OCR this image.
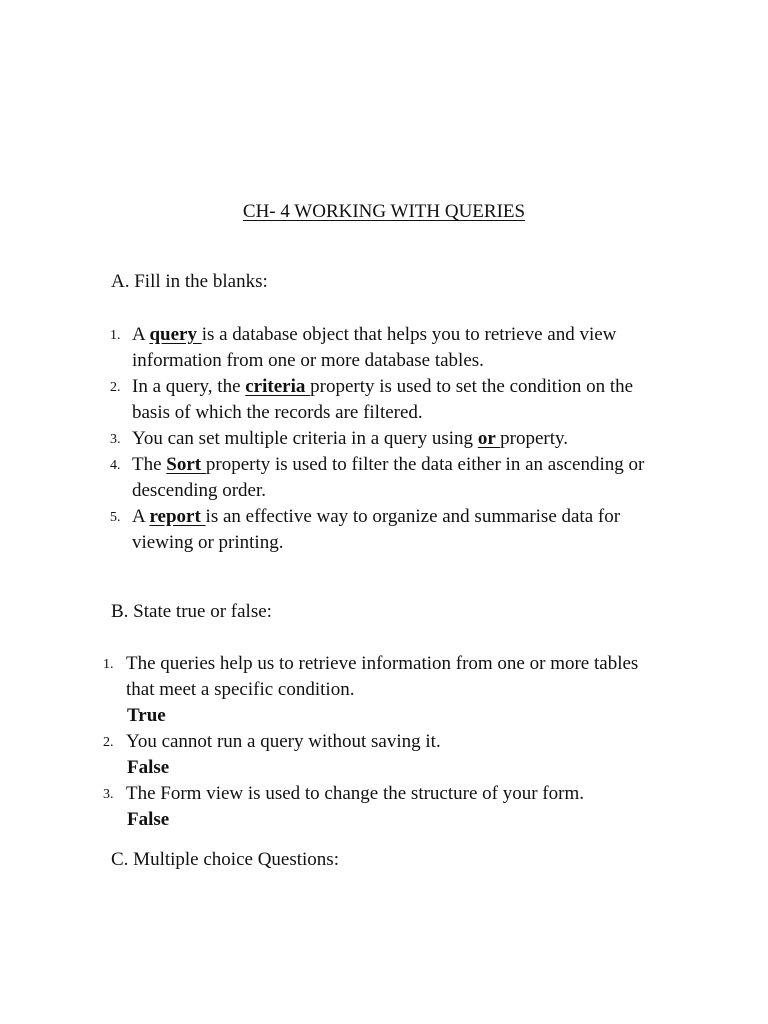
CH- 4 WORKING WITH QUERIES
A. Fill in the blanks:
1. A query is a database object that helps you to retrieve and view
information from one or more database tables.
2. In a query, the criteria property is used to set the condition on the
basis of which the records are filtered.
3. You can set multiple criteria in a query using or property.
4. The Sort property is used to filter the data either in an ascending or
descending order.
5. A report is an effective way to organize and summarise data for
viewing or printing.
B. State true or false:
1. The queries help us to retrieve information from one or more tables
that meet a specific condition.
True
2. You cannot run a query without saving it.
False
3. The Form view is used to change the structure of your form.
False
C. Multiple choice Questions:
